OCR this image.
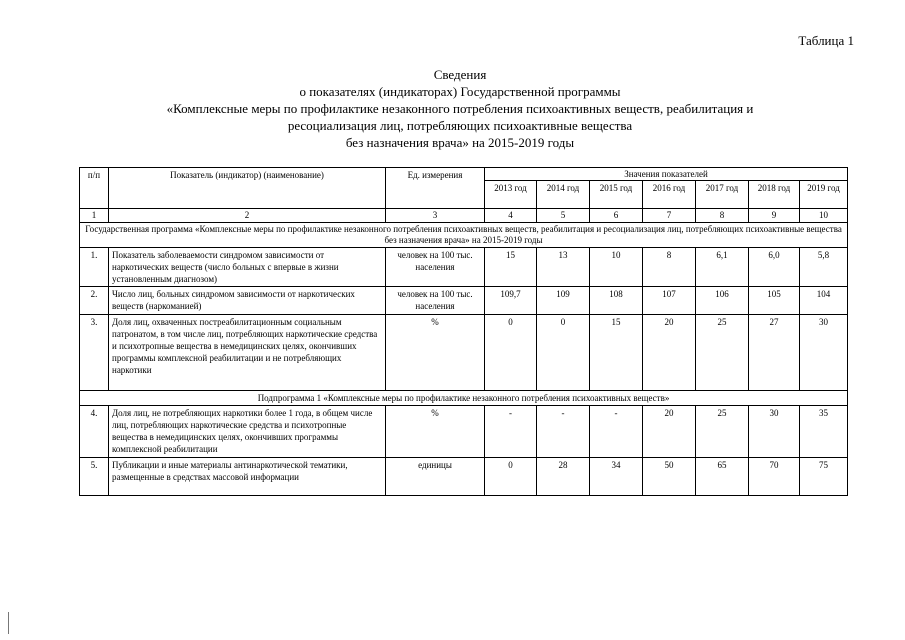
Таблица 1
Сведения
о показателях (индикаторах) Государственной программы
«Комплексные меры по профилактике незаконного потребления психоактивных веществ, реабилитация и
ресоциализация лиц, потребляющих психоактивные вещества
без назначения врача» на 2015-2019 годы
п/п	Показатель (индикатор) (наименование)	Ед. измерения	Значения показателей						
			2013 год	2014 год	2015 год	2016 год	2017 год	2018 год	2019 год
1	2	3	4	5	6	7	8	9	10
Государственная программа «Комплексные меры по профилактике незаконного потребления психоактивных веществ, реабилитация и ресоциализация лиц, потребляющих психоактивные вещества без назначения врача» на 2015-2019 годы									
1.	Показатель заболеваемости синдромом зависимости от наркотических веществ (число больных с впервые в жизни установленным диагнозом)	человек на 100 тыс. населения	15	13	10	8	6,1	6,0	5,8
2.	Число лиц, больных синдромом зависимости от наркотических веществ (наркоманией)	человек на 100 тыс. населения	109,7	109	108	107	106	105	104
3.	Доля лиц, охваченных постреабилитационным социальным патронатом, в том числе лиц, потребляющих наркотические средства и психотропные вещества в немедицинских целях, окончивших программы комплексной реабилитации и не потребляющих наркотики	%	0	0	15	20	25	27	30
Подпрограмма 1 «Комплексные меры по профилактике незаконного потребления психоактивных веществ»									
4.	Доля лиц, не потребляющих наркотики более 1 года, в общем числе лиц, потребляющих наркотические средства и психотропные вещества в немедицинских целях, окончивших программы комплексной реабилитации	%	-	-	-	20	25	30	35
5.	Публикации и иные материалы антинаркотической тематики, размещенные в средствах массовой информации	единицы	0	28	34	50	65	70	75
